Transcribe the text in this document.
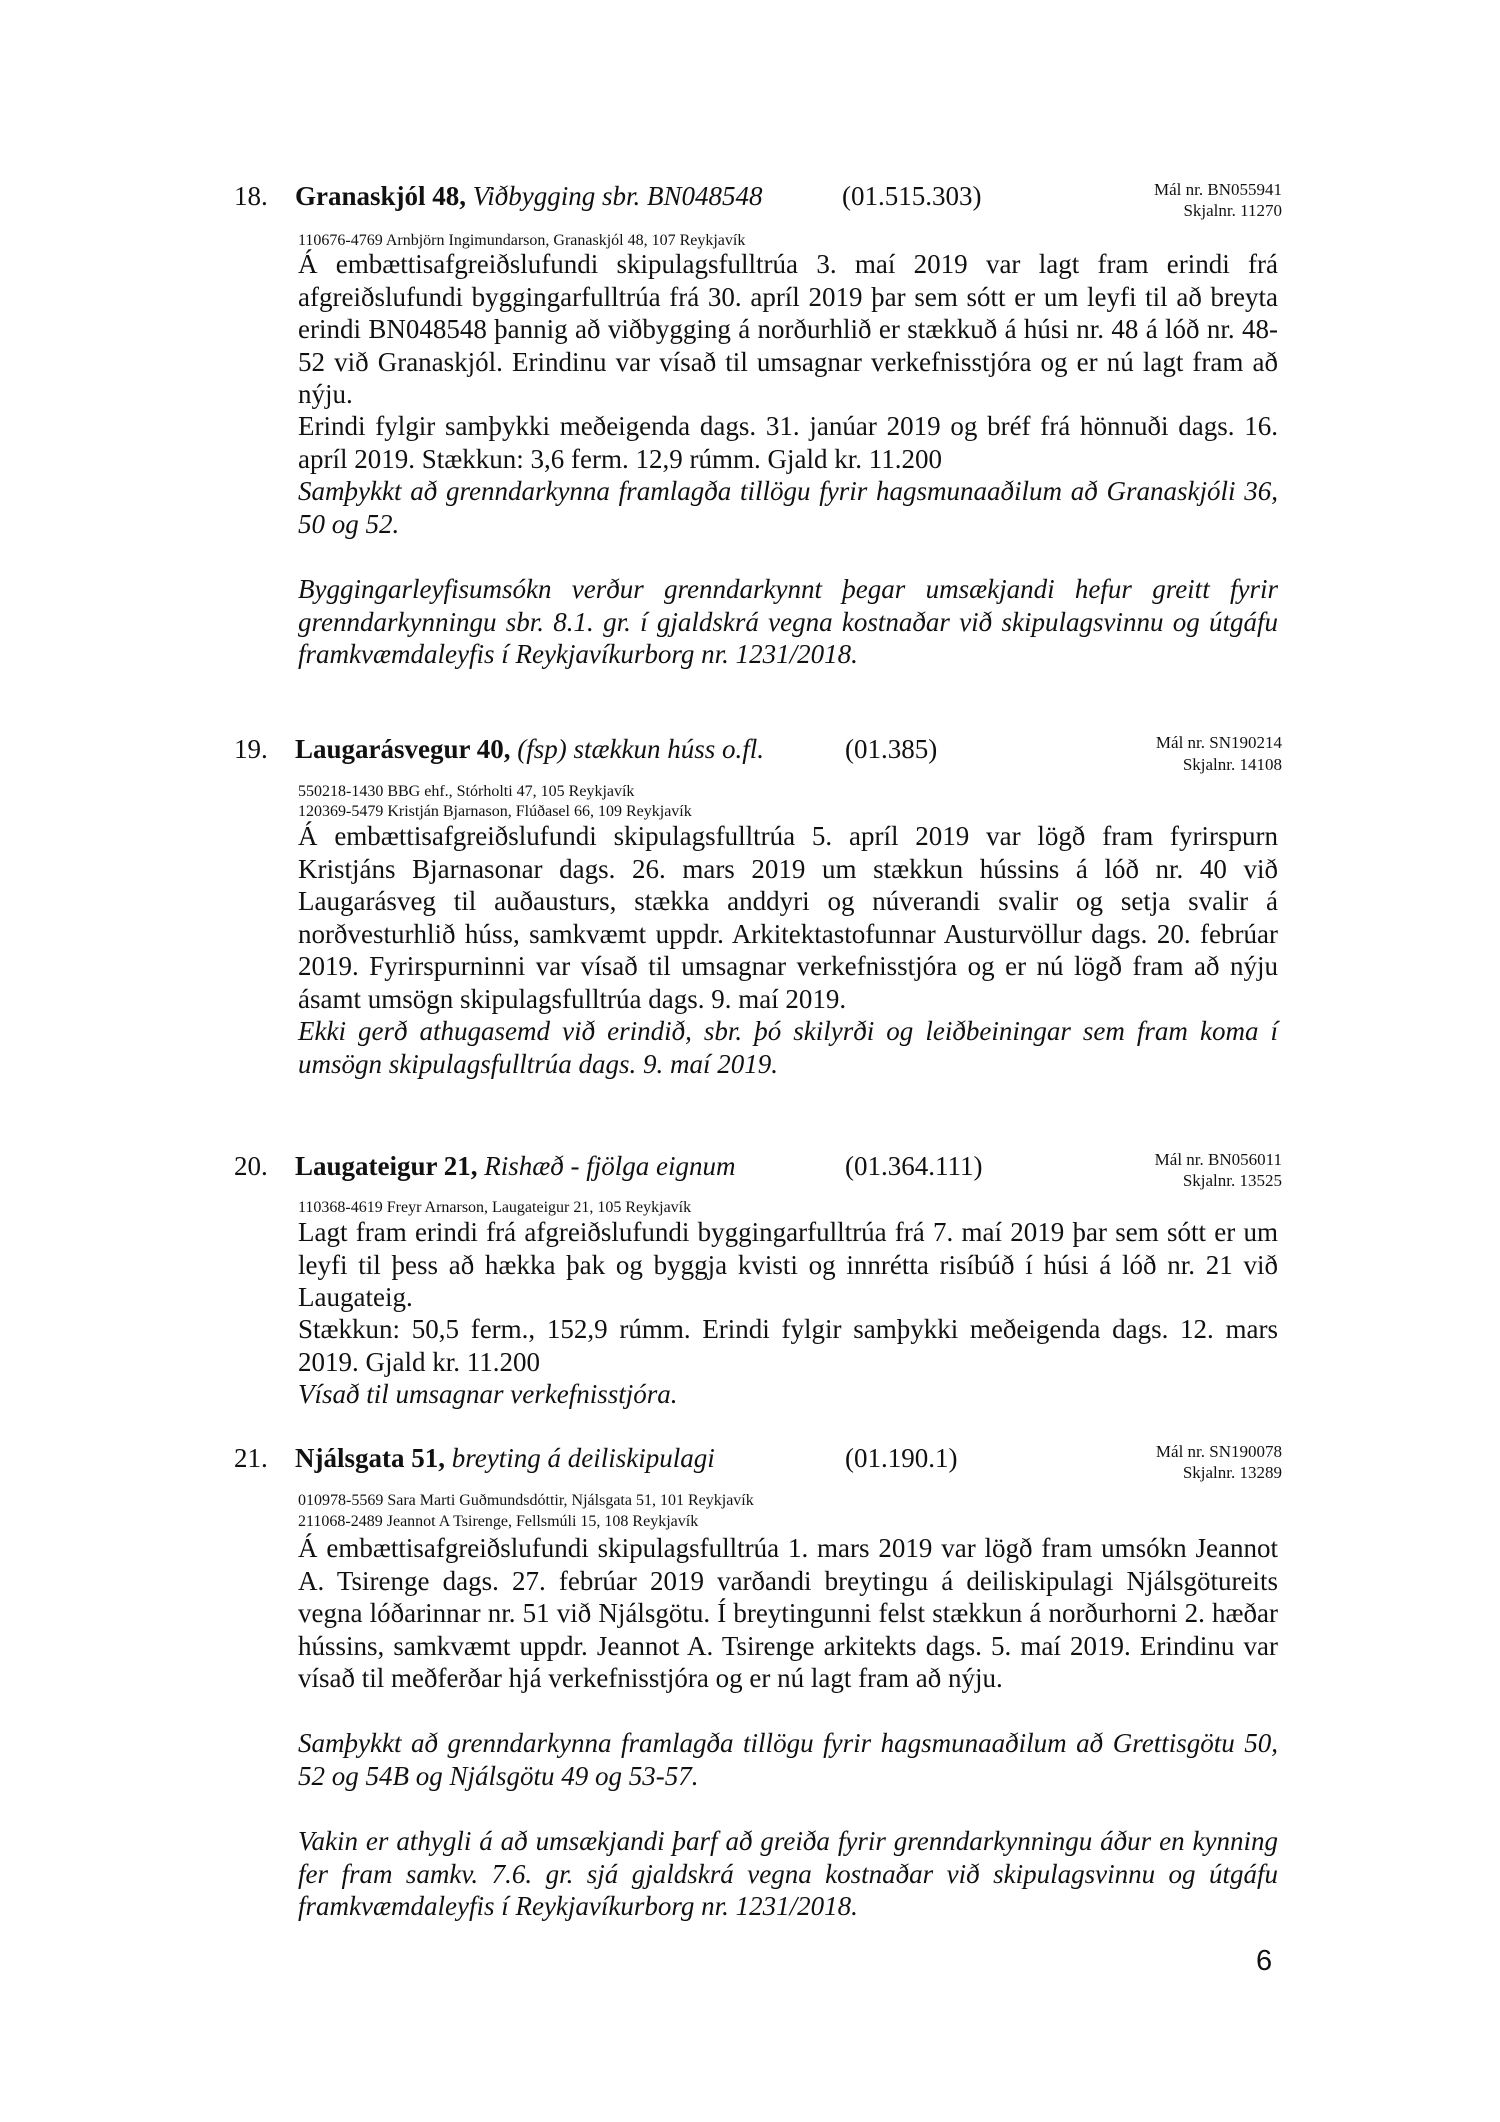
18. Granaskjól 48, Viðbygging sbr. BN048548	(01.515.303)	Mál nr. BN055941
Skjalnr. 11270
110676-4769 Arnbjörn Ingimundarson, Granaskjól 48, 107 Reykjavík

Á embættisafgreiðslufundi skipulagsfulltrúa 3. maí 2019 var lagt fram erindi frá afgreiðslufundi byggingarfulltrúa frá 30. apríl 2019 þar sem sótt er um leyfi til að breyta erindi BN048548 þannig að viðbygging á norðurhlið er stækkuð á húsi nr. 48 á lóð nr. 48-52 við Granaskjól. Erindinu var vísað til umsagnar verkefnisstjóra og er nú lagt fram að nýju.

Erindi fylgir samþykki meðeigenda dags. 31. janúar 2019 og bréf frá hönnuði dags. 16. apríl 2019. Stækkun: 3,6 ferm. 12,9 rúmm. Gjald kr. 11.200

Samþykkt að grenndarkynna framlagða tillögu fyrir hagsmunaaðilum að Granaskjóli 36, 50 og 52.

Byggingarleyfisumsókn verður grenndarkynnt þegar umsækjandi hefur greitt fyrir grenndarkynningu sbr. 8.1. gr. í gjaldskrá vegna kostnaðar við skipulagsvinnu og útgáfu framkvæmdaleyfis í Reykjavíkurborg nr. 1231/2018.

19. Laugarásvegur 40, (fsp) stækkun húss o.fl.	(01.385)	Mál nr. SN190214
Skjalnr. 14108
550218-1430 BBG ehf., Stórholti 47, 105 Reykjavík
120369-5479 Kristján Bjarnason, Flúðasel 66, 109 Reykjavík

Á embættisafgreiðslufundi skipulagsfulltrúa 5. apríl 2019 var lögð fram fyrirspurn Kristjáns Bjarnasonar dags. 26. mars 2019 um stækkun hússins á lóð nr. 40 við Laugarásveg til auðausturs, stækka anddyri og núverandi svalir og setja svalir á norðvesturhlið húss, samkvæmt uppdr. Arkitektastofunnar Austurvöllur dags. 20. febrúar 2019. Fyrirspurninni var vísað til umsagnar verkefnisstjóra og er nú lögð fram að nýju ásamt umsögn skipulagsfulltrúa dags. 9. maí 2019.

Ekki gerð athugasemd við erindið, sbr. þó skilyrði og leiðbeiningar sem fram koma í umsögn skipulagsfulltrúa dags. 9. maí 2019.

20. Laugateigur 21, Rishæð - fjölga eignum	(01.364.111)	Mál nr. BN056011
Skjalnr. 13525
110368-4619 Freyr Arnarson, Laugateigur 21, 105 Reykjavík

Lagt fram erindi frá afgreiðslufundi byggingarfulltrúa frá 7. maí 2019 þar sem sótt er um leyfi til þess að hækka þak og byggja kvisti og innrétta risíbúð í húsi á lóð nr. 21 við Laugateig.

Stækkun: 50,5 ferm., 152,9 rúmm. Erindi fylgir samþykki meðeigenda dags. 12. mars 2019. Gjald kr. 11.200

Vísað til umsagnar verkefnisstjóra.

21. Njálsgata 51, breyting á deiliskipulagi	(01.190.1)	Mál nr. SN190078
Skjalnr. 13289
010978-5569 Sara Marti Guðmundsdóttir, Njálsgata 51, 101 Reykjavík
211068-2489 Jeannot A Tsirenge, Fellsmúli 15, 108 Reykjavík

Á embættisafgreiðslufundi skipulagsfulltrúa 1. mars 2019 var lögð fram umsókn Jeannot A. Tsirenge dags. 27. febrúar 2019 varðandi breytingu á deiliskipulagi Njálsgötureits vegna lóðarinnar nr. 51 við Njálsgötu. Í breytingunni felst stækkun á norðurhorni 2. hæðar hússins, samkvæmt uppdr. Jeannot A. Tsirenge arkitekts dags. 5. maí 2019. Erindinu var vísað til meðferðar hjá verkefnisstjóra og er nú lagt fram að nýju.

Samþykkt að grenndarkynna framlagða tillögu fyrir hagsmunaaðilum að Grettisgötu 50, 52 og 54B og Njálsgötu 49 og 53-57.

Vakin er athygli á að umsækjandi þarf að greiða fyrir grenndarkynningu áður en kynning fer fram samkv. 7.6. gr. sjá gjaldskrá vegna kostnaðar við skipulagsvinnu og útgáfu framkvæmdaleyfis í Reykjavíkurborg nr. 1231/2018.

6
